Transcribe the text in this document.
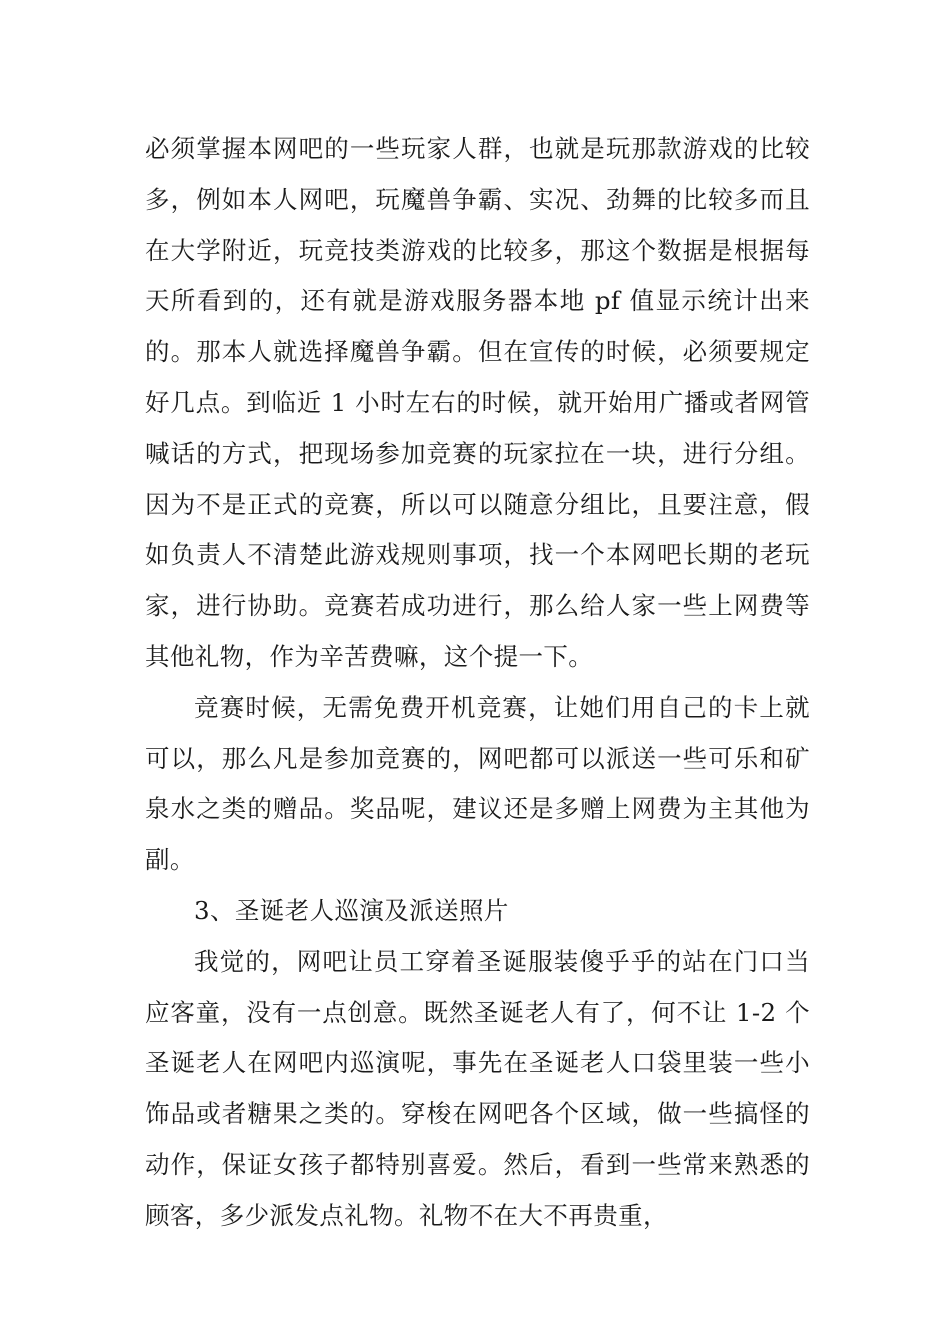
必须掌握本网吧的一些玩家人群，也就是玩那款游戏的比较多，例如本人网吧，玩魔兽争霸、实况、劲舞的比较多而且在大学附近，玩竞技类游戏的比较多，那这个数据是根据每天所看到的，还有就是游戏服务器本地 pf 值显示统计出来的。那本人就选择魔兽争霸。但在宣传的时候，必须要规定好几点。到临近 1 小时左右的时候，就开始用广播或者网管喊话的方式，把现场参加竞赛的玩家拉在一块，进行分组。因为不是正式的竞赛，所以可以随意分组比，且要注意，假如负责人不清楚此游戏规则事项，找一个本网吧长期的老玩家，进行协助。竞赛若成功进行，那么给人家一些上网费等其他礼物，作为辛苦费嘛，这个提一下。

竞赛时候，无需免费开机竞赛，让她们用自己的卡上就可以，那么凡是参加竞赛的，网吧都可以派送一些可乐和矿泉水之类的赠品。奖品呢，建议还是多赠上网费为主其他为副。

3、圣诞老人巡演及派送照片

我觉的，网吧让员工穿着圣诞服装傻乎乎的站在门口当应客童，没有一点创意。既然圣诞老人有了，何不让 1-2 个圣诞老人在网吧内巡演呢，事先在圣诞老人口袋里装一些小饰品或者糖果之类的。穿梭在网吧各个区域，做一些搞怪的动作，保证女孩子都特别喜爱。然后，看到一些常来熟悉的顾客，多少派发点礼物。礼物不在大不再贵重，
